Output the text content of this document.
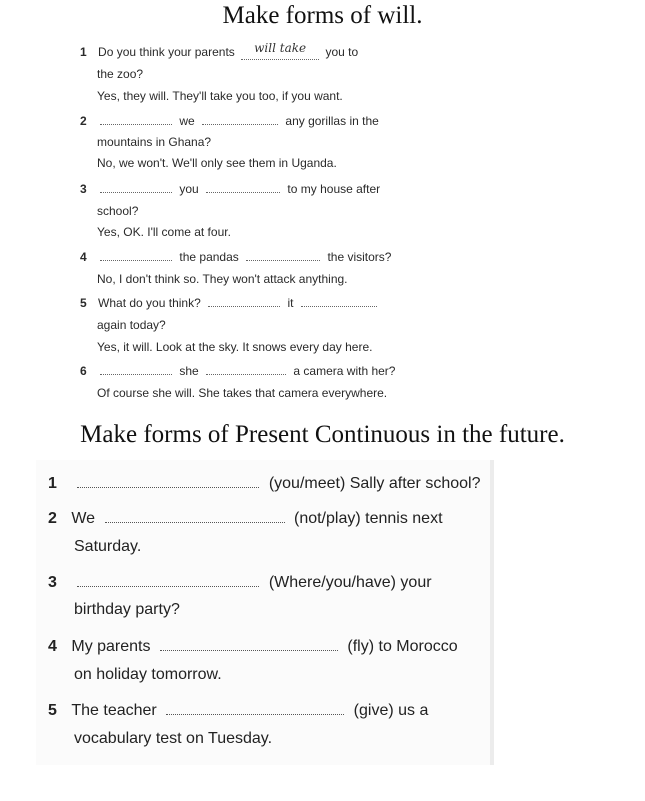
Make forms of will.
1 Do you think your parents will take you to
the zoo?
Yes, they will. They'll take you too, if you want.
2	we	any gorillas in the
mountains in Ghana?
No, we won't. We'll only see them in Uganda.
3	you	to my house after
school?
Yes, OK. I'll come at four.
4	the pandas	the visitors?
No, I don't think so. They won't attack anything.
5 What do you think?	it
again today?
Yes, it will. Look at the sky. It snows every day here.
6	she	a camera with her?
Of course she will. She takes that camera everywhere.
Make forms of Present Continuous in the future.
1	(you/meet) Sally after school?
2 We	(not/play) tennis next
Saturday.
3	(Where/you/have) your
birthday party?
4 My parents	(fly) to Morocco
on holiday tomorrow.
5 The teacher	(give) us a
vocabulary test on Tuesday.
